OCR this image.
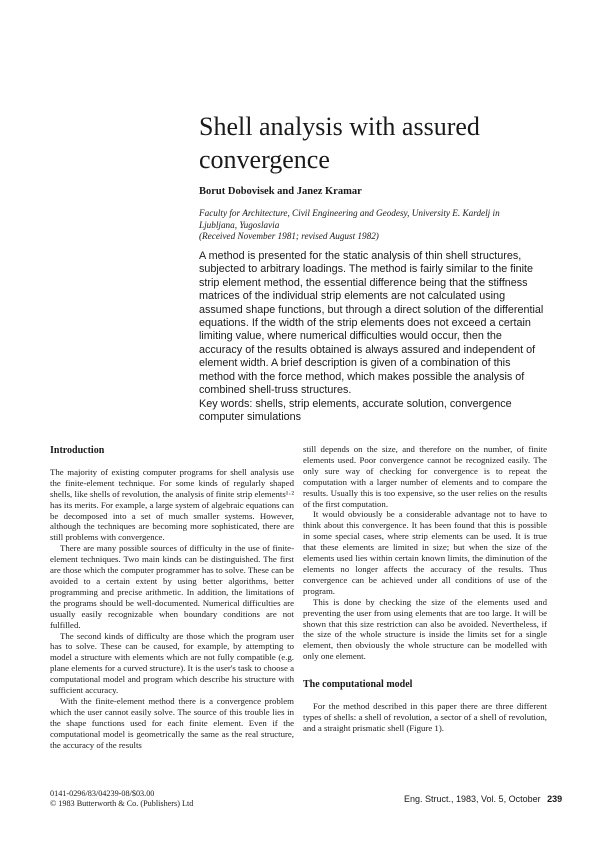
Shell analysis with assured convergence

Borut Dobovisek and Janez Kramar

Faculty for Architecture, Civil Engineering and Geodesy, University E. Kardelj in
Ljubljana, Yugoslavia
(Received November 1981; revised August 1982)

A method is presented for the static analysis of thin shell structures, subjected to arbitrary loadings. The method is fairly similar to the finite strip element method, the essential difference being that the stiffness matrices of the individual strip elements are not calculated using assumed shape functions, but through a direct solution of the differential equations. If the width of the strip elements does not exceed a certain limiting value, where numerical difficulties would occur, then the accuracy of the results obtained is always assured and independent of element width. A brief description is given of a combination of this method with the force method, which makes possible the analysis of combined shell-truss structures.

Key words: shells, strip elements, accurate solution, convergence computer simulations

Introduction

The majority of existing computer programs for shell analysis use the finite-element technique. For some kinds of regularly shaped shells, like shells of revolution, the analysis of finite strip elements¹·² has its merits. For example, a large system of algebraic equations can be decomposed into a set of much smaller systems. However, although the techniques are becoming more sophisticated, there are still problems with convergence.

There are many possible sources of difficulty in the use of finite-element techniques. Two main kinds can be distinguished. The first are those which the computer programmer has to solve. These can be avoided to a certain extent by using better algorithms, better programming and precise arithmetic. In addition, the limitations of the programs should be well-documented. Numerical difficulties are usually easily recognizable when boundary conditions are not fulfilled.

The second kinds of difficulty are those which the program user has to solve. These can be caused, for example, by attempting to model a structure with elements which are not fully compatible (e.g. plane elements for a curved structure). It is the user's task to choose a computational model and program which describe his structure with sufficient accuracy.

With the finite-element method there is a convergence problem which the user cannot easily solve. The source of this trouble lies in the shape functions used for each finite element. Even if the computational model is geometrically the same as the real structure, the accuracy of the results

still depends on the size, and therefore on the number, of finite elements used. Poor convergence cannot be recognized easily. The only sure way of checking for convergence is to repeat the computation with a larger number of elements and to compare the results. Usually this is too expensive, so the user relies on the results of the first computation.

It would obviously be a considerable advantage not to have to think about this convergence. It has been found that this is possible in some special cases, where strip elements can be used. It is true that these elements are limited in size; but when the size of the elements used lies within certain known limits, the diminution of the elements no longer affects the accuracy of the results. Thus convergence can be achieved under all conditions of use of the program.

This is done by checking the size of the elements used and preventing the user from using elements that are too large. It will be shown that this size restriction can also be avoided. Nevertheless, if the size of the whole structure is inside the limits set for a single element, then obviously the whole structure can be modelled with only one element.

The computational model

For the method described in this paper there are three different types of shells: a shell of revolution, a sector of a shell of revolution, and a straight prismatic shell (Figure 1).

0141-0296/83/04239-08/$03.00
© 1983 Butterworth & Co. (Publishers) Ltd	Eng. Struct., 1983, Vol. 5, October 239
